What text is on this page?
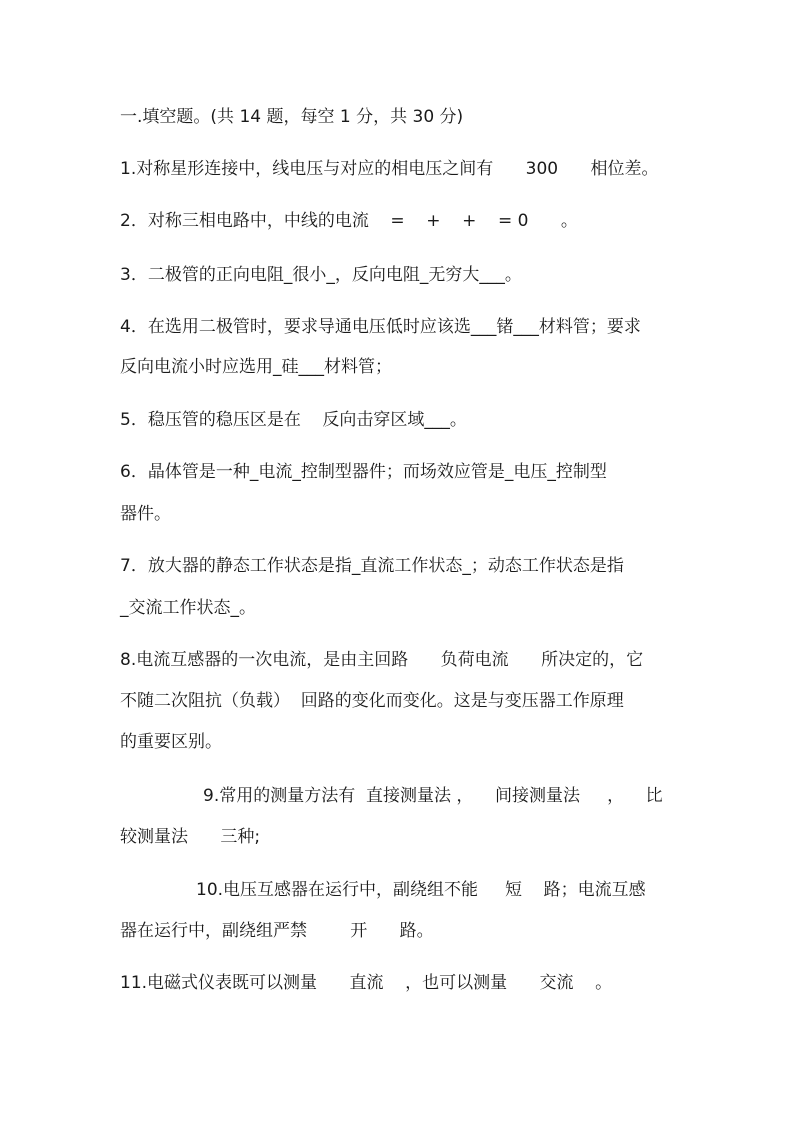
一.填空题。(共 14 题，每空 1 分，共 30 分)
1.对称星形连接中，线电压与对应的相电压之间有      300      相位差。
2．对称三相电路中，中线的电流    =    +    +    = 0      。
3．二极管的正向电阻_很小_，反向电阻_无穷大___。
4．在选用二极管时，要求导通电压低时应该选___锗___材料管；要求
反向电流小时应选用_硅___材料管；
5．稳压管的稳压区是在    反向击穿区域___。
6．晶体管是一种_电流_控制型器件；而场效应管是_电压_控制型
器件。
7．放大器的静态工作状态是指_直流工作状态_；动态工作状态是指
_交流工作状态_。
8.电流互感器的一次电流，是由主回路      负荷电流      所决定的，它
不随二次阻抗（负载）  回路的变化而变化。这是与变压器工作原理
的重要区别。
9.常用的测量方法有  直接测量法 ，    间接测量法     ，    比
较测量法      三种;
10.电压互感器在运行中，副绕组不能     短    路；电流互感
器在运行中，副绕组严禁        开      路。
11.电磁式仪表既可以测量      直流    ，也可以测量      交流    。
